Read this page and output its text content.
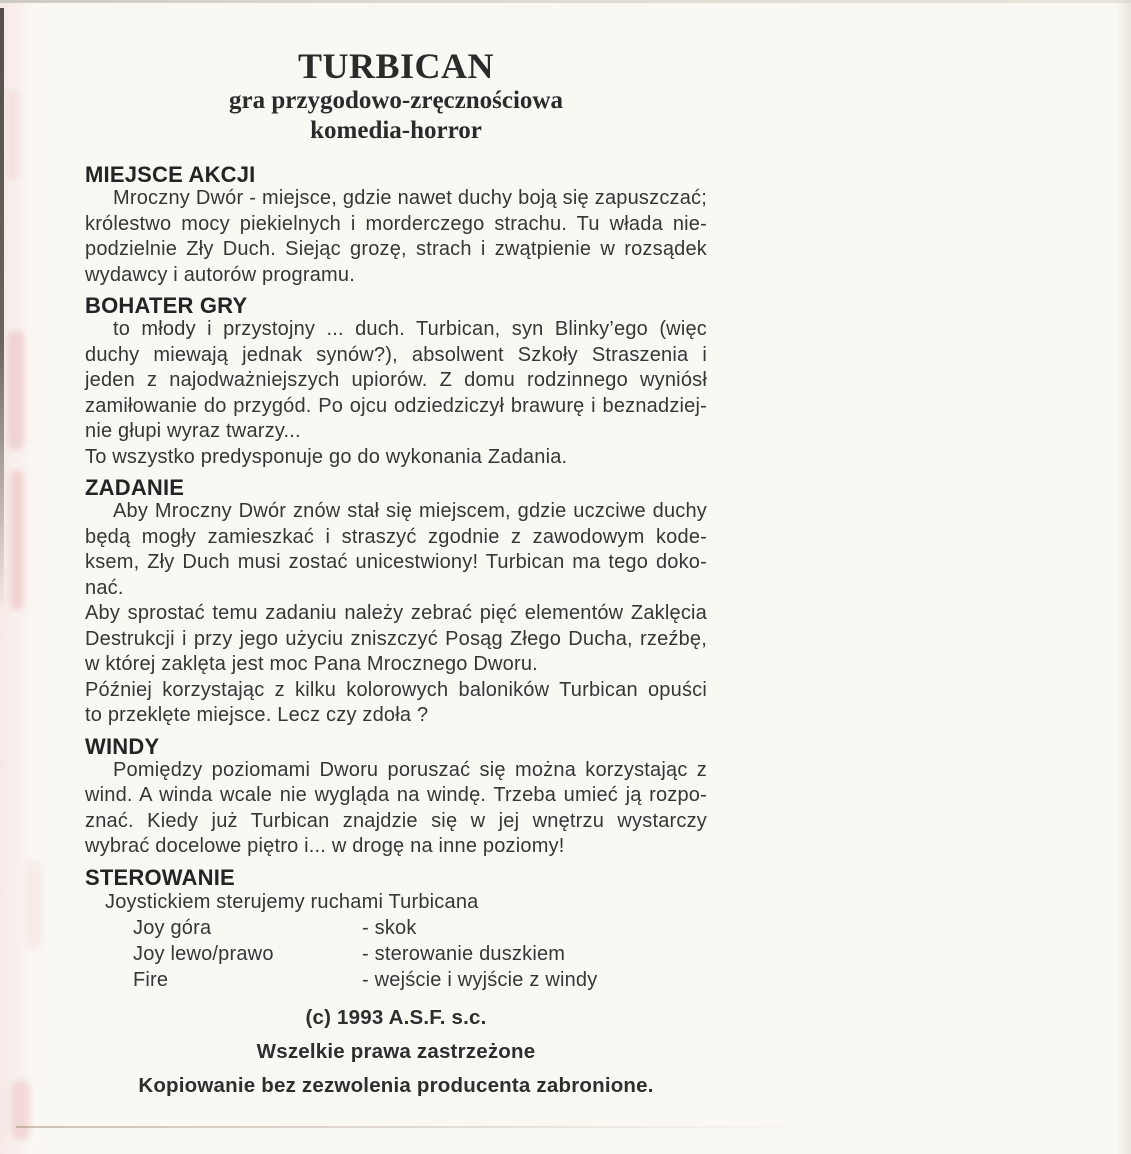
TURBICAN
gra przygodowo-zręcznościowa
komedia-horror
MIEJSCE AKCJI

Mroczny Dwór - miejsce, gdzie nawet duchy boją się zapuszczać;
królestwo mocy piekielnych i morderczego strachu. Tu włada nie-
podzielnie Zły Duch. Siejąc grozę, strach i zwątpienie w rozsądek
wydawcy i autorów programu.

BOHATER GRY

to młody i przystojny ... duch. Turbican, syn Blinky’ego (więc
duchy miewają jednak synów?), absolwent Szkoły Straszenia i
jeden z najodważniejszych upiorów. Z domu rodzinnego wyniósł
zamiłowanie do przygód. Po ojcu odziedziczył brawurę i beznadziej-
nie głupi wyraz twarzy...
To wszystko predysponuje go do wykonania Zadania.

ZADANIE

Aby Mroczny Dwór znów stał się miejscem, gdzie uczciwe duchy
będą mogły zamieszkać i straszyć zgodnie z zawodowym kode-
ksem, Zły Duch musi zostać unicestwiony! Turbican ma tego doko-
nać.
Aby sprostać temu zadaniu należy zebrać pięć elementów Zaklęcia
Destrukcji i przy jego użyciu zniszczyć Posąg Złego Ducha, rzeźbę,
w której zaklęta jest moc Pana Mrocznego Dworu.
Później korzystając z kilku kolorowych baloników Turbican opuści
to przeklęte miejsce. Lecz czy zdoła ?

WINDY

Pomiędzy poziomami Dworu poruszać się można korzystając z
wind. A winda wcale nie wygląda na windę. Trzeba umieć ją rozpo-
znać. Kiedy już Turbican znajdzie się w jej wnętrzu wystarczy
wybrać docelowe piętro i... w drogę na inne poziomy!

STEROWANIE
Joystickiem sterujemy ruchami Turbicana
Joy góra	- skok
Joy lewo/prawo	- sterowanie duszkiem
Fire	- wejście i wyjście z windy
(c) 1993 A.S.F. s.c.
Wszelkie prawa zastrzeżone
Kopiowanie bez zezwolenia producenta zabronione.
